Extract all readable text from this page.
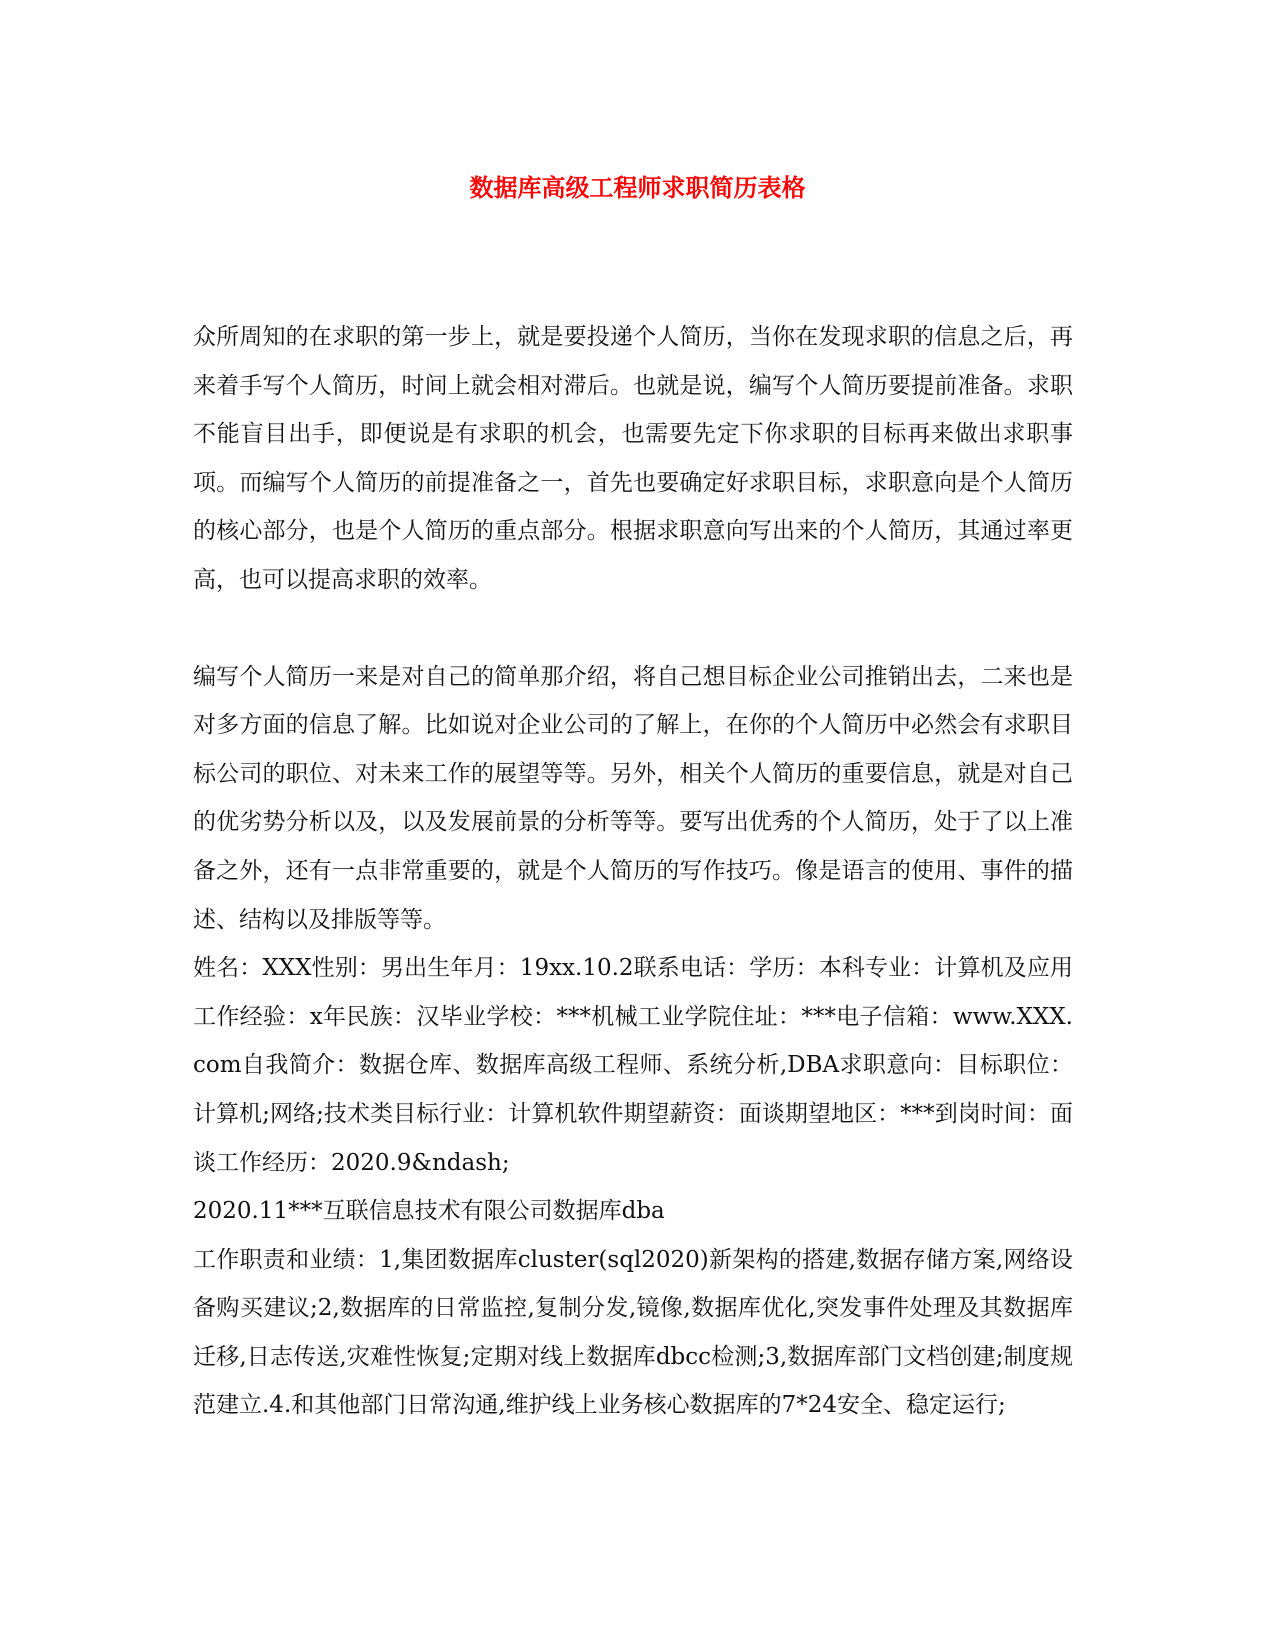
数据库高级工程师求职简历表格

众所周知的在求职的第一步上，就是要投递个人简历，当你在发现求职的信息之后，再来着手写个人简历，时间上就会相对滞后。也就是说，编写个人简历要提前准备。求职不能盲目出手，即便说是有求职的机会，也需要先定下你求职的目标再来做出求职事项。而编写个人简历的前提准备之一，首先也要确定好求职目标，求职意向是个人简历的核心部分，也是个人简历的重点部分。根据求职意向写出来的个人简历，其通过率更高，也可以提高求职的效率。

编写个人简历一来是对自己的简单那介绍，将自己想目标企业公司推销出去，二来也是对多方面的信息了解。比如说对企业公司的了解上，在你的个人简历中必然会有求职目标公司的职位、对未来工作的展望等等。另外，相关个人简历的重要信息，就是对自己的优劣势分析以及，以及发展前景的分析等等。要写出优秀的个人简历，处于了以上准备之外，还有一点非常重要的，就是个人简历的写作技巧。像是语言的使用、事件的描述、结构以及排版等等。

姓名：XXX性别：男出生年月：19xx.10.2联系电话：学历：本科专业：计算机及应用工作经验：x年民族：汉毕业学校：***机械工业学院住址：***电子信箱：www.XXX.com自我简介：数据仓库、数据库高级工程师、系统分析,DBA求职意向：目标职位：计算机;网络;技术类目标行业：计算机软件期望薪资：面谈期望地区：***到岗时间：面谈工作经历：2020.9&ndash;

2020.11***互联信息技术有限公司数据库dba

工作职责和业绩：1,集团数据库cluster(sql2020)新架构的搭建,数据存储方案,网络设备购买建议;2,数据库的日常监控,复制分发,镜像,数据库优化,突发事件处理及其数据库迁移,日志传送,灾难性恢复;定期对线上数据库dbcc检测;3,数据库部门文档创建;制度规范建立.4.和其他部门日常沟通,维护线上业务核心数据库的7*24安全、稳定运行;
